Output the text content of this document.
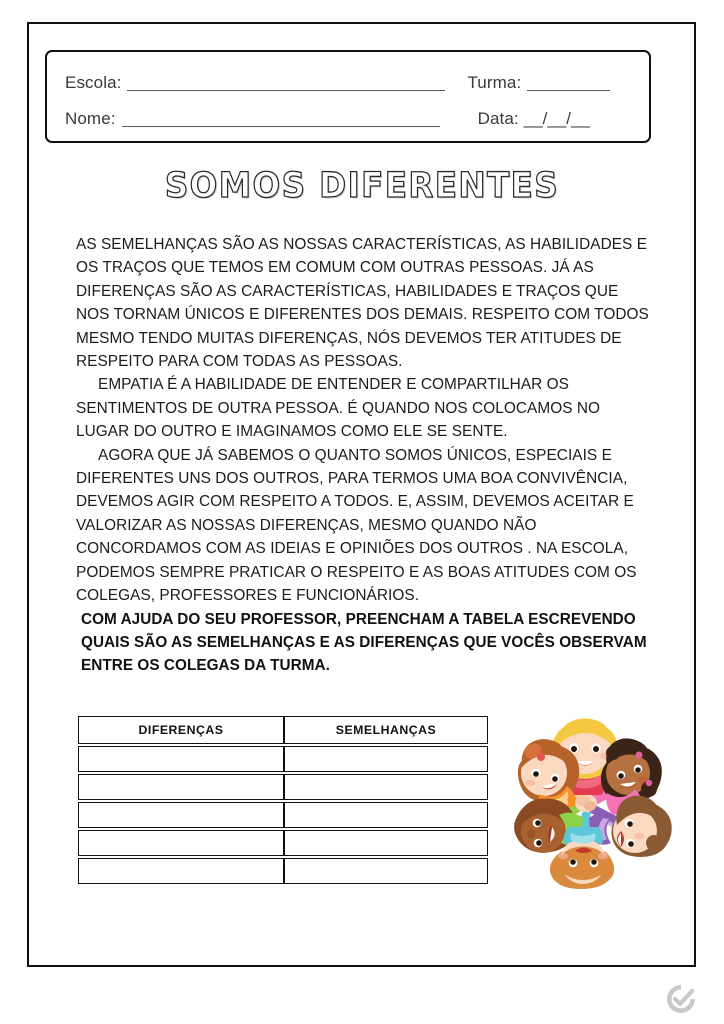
Escola:	Turma:
Nome:	Data: __/__/__
SOMOS DIFERENTES

AS SEMELHANÇAS SÃO AS NOSSAS CARACTERÍSTICAS, AS HABILIDADES E OS TRAÇOS QUE TEMOS EM COMUM COM OUTRAS PESSOAS. JÁ AS DIFERENÇAS SÃO AS CARACTERÍSTICAS, HABILIDADES E TRAÇOS QUE NOS TORNAM ÚNICOS E DIFERENTES DOS DEMAIS. RESPEITO COM TODOS MESMO TENDO MUITAS DIFERENÇAS, NÓS DEVEMOS TER ATITUDES DE RESPEITO PARA COM TODAS AS PESSOAS.

EMPATIA É A HABILIDADE DE ENTENDER E COMPARTILHAR OS SENTIMENTOS DE OUTRA PESSOA. É QUANDO NOS COLOCAMOS NO LUGAR DO OUTRO E IMAGINAMOS COMO ELE SE SENTE.

AGORA QUE JÁ SABEMOS O QUANTO SOMOS ÚNICOS, ESPECIAIS E DIFERENTES UNS DOS OUTROS, PARA TERMOS UMA BOA CONVIVÊNCIA, DEVEMOS AGIR COM RESPEITO A TODOS. E, ASSIM, DEVEMOS ACEITAR E VALORIZAR AS NOSSAS DIFERENÇAS, MESMO QUANDO NÃO CONCORDAMOS COM AS IDEIAS E OPINIÕES DOS OUTROS . NA ESCOLA, PODEMOS SEMPRE PRATICAR O RESPEITO E AS BOAS ATITUDES COM OS COLEGAS, PROFESSORES E FUNCIONÁRIOS.

COM AJUDA DO SEU PROFESSOR, PREENCHAM A TABELA ESCREVENDO QUAIS SÃO AS SEMELHANÇAS E AS DIFERENÇAS QUE VOCÊS OBSERVAM ENTRE OS COLEGAS DA TURMA.
DIFERENÇAS	SEMELHANÇAS
